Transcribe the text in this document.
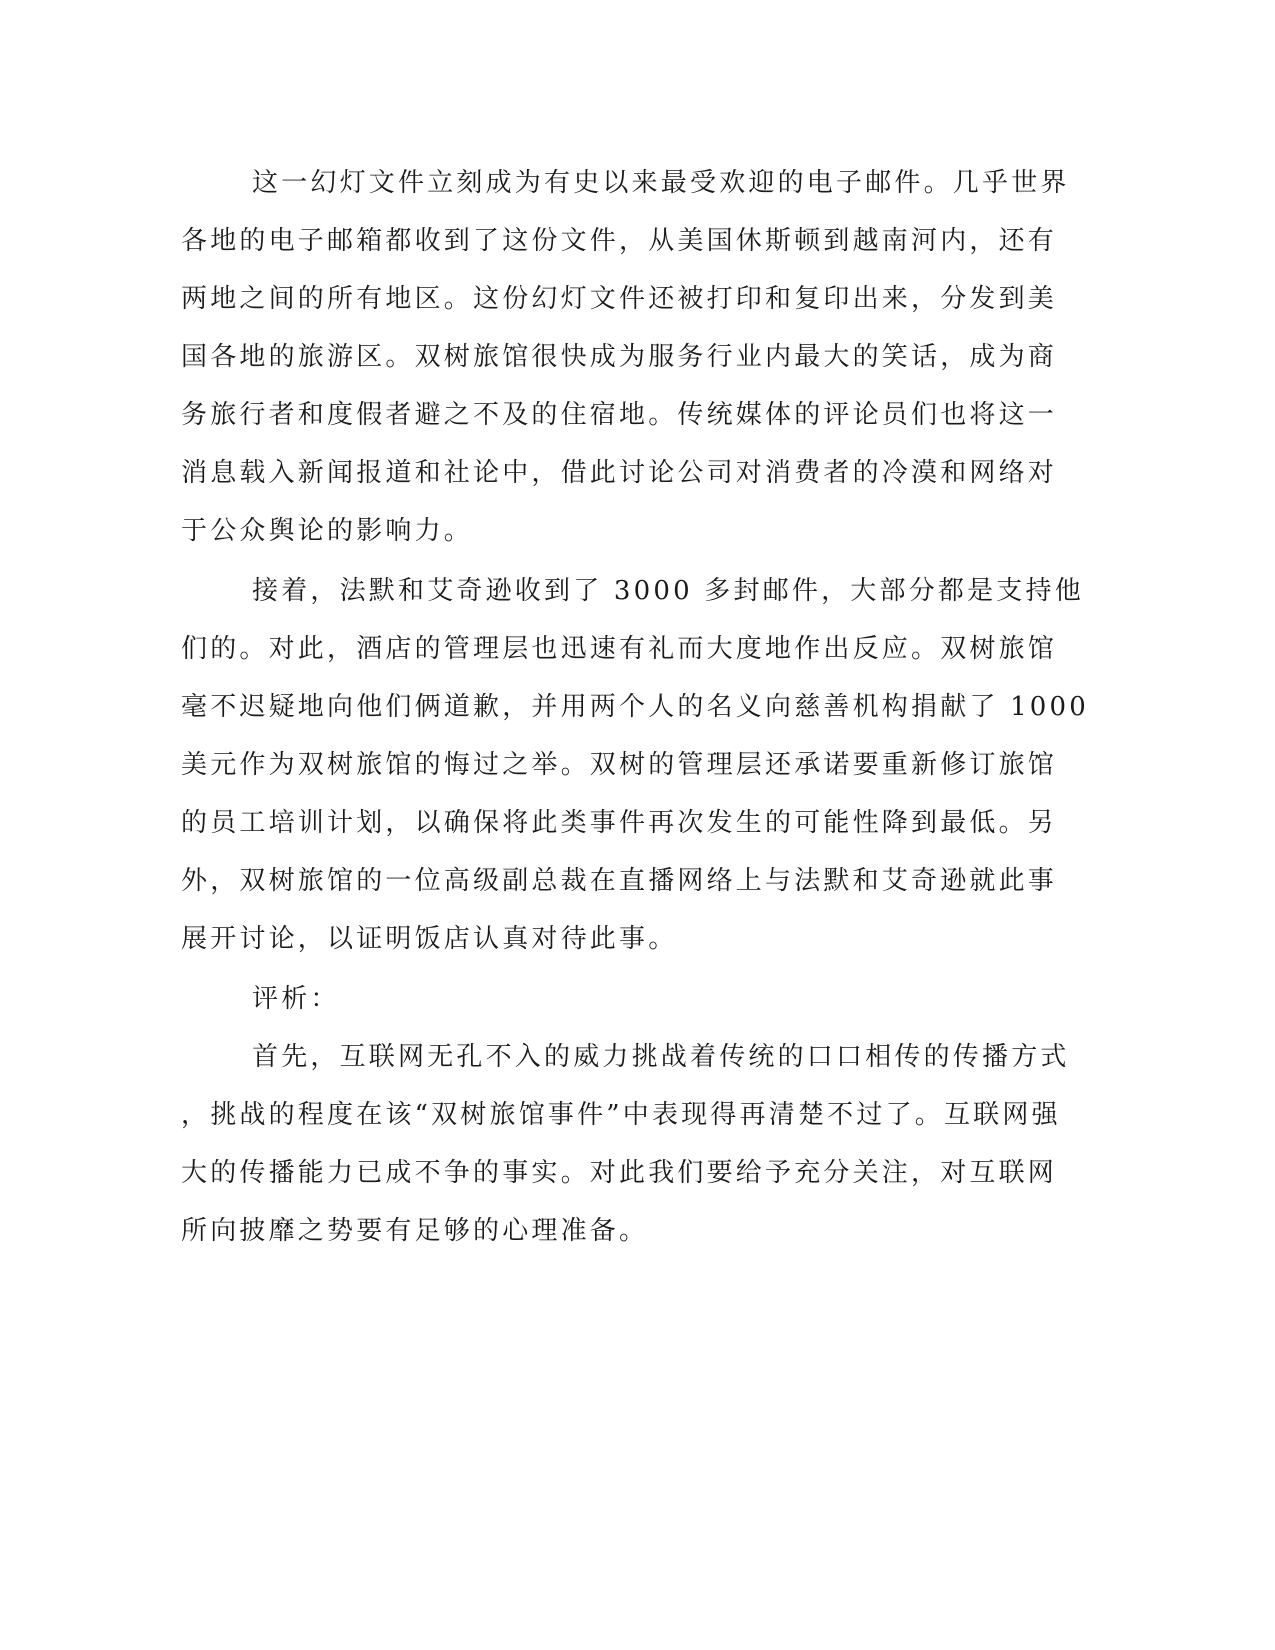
这一幻灯文件立刻成为有史以来最受欢迎的电子邮件。几乎世界
各地的电子邮箱都收到了这份文件，从美国休斯顿到越南河内，还有
两地之间的所有地区。这份幻灯文件还被打印和复印出来，分发到美
国各地的旅游区。双树旅馆很快成为服务行业内最大的笑话，成为商
务旅行者和度假者避之不及的住宿地。传统媒体的评论员们也将这一
消息载入新闻报道和社论中，借此讨论公司对消费者的冷漠和网络对
于公众舆论的影响力。
接着，法默和艾奇逊收到了 3000 多封邮件，大部分都是支持他
们的。对此，酒店的管理层也迅速有礼而大度地作出反应。双树旅馆
毫不迟疑地向他们俩道歉，并用两个人的名义向慈善机构捐献了 1000
美元作为双树旅馆的悔过之举。双树的管理层还承诺要重新修订旅馆
的员工培训计划，以确保将此类事件再次发生的可能性降到最低。另
外，双树旅馆的一位高级副总裁在直播网络上与法默和艾奇逊就此事
展开讨论，以证明饭店认真对待此事。
评析：
首先，互联网无孔不入的威力挑战着传统的口口相传的传播方式
，挑战的程度在该“双树旅馆事件”中表现得再清楚不过了。互联网强
大的传播能力已成不争的事实。对此我们要给予充分关注，对互联网
所向披靡之势要有足够的心理准备。
